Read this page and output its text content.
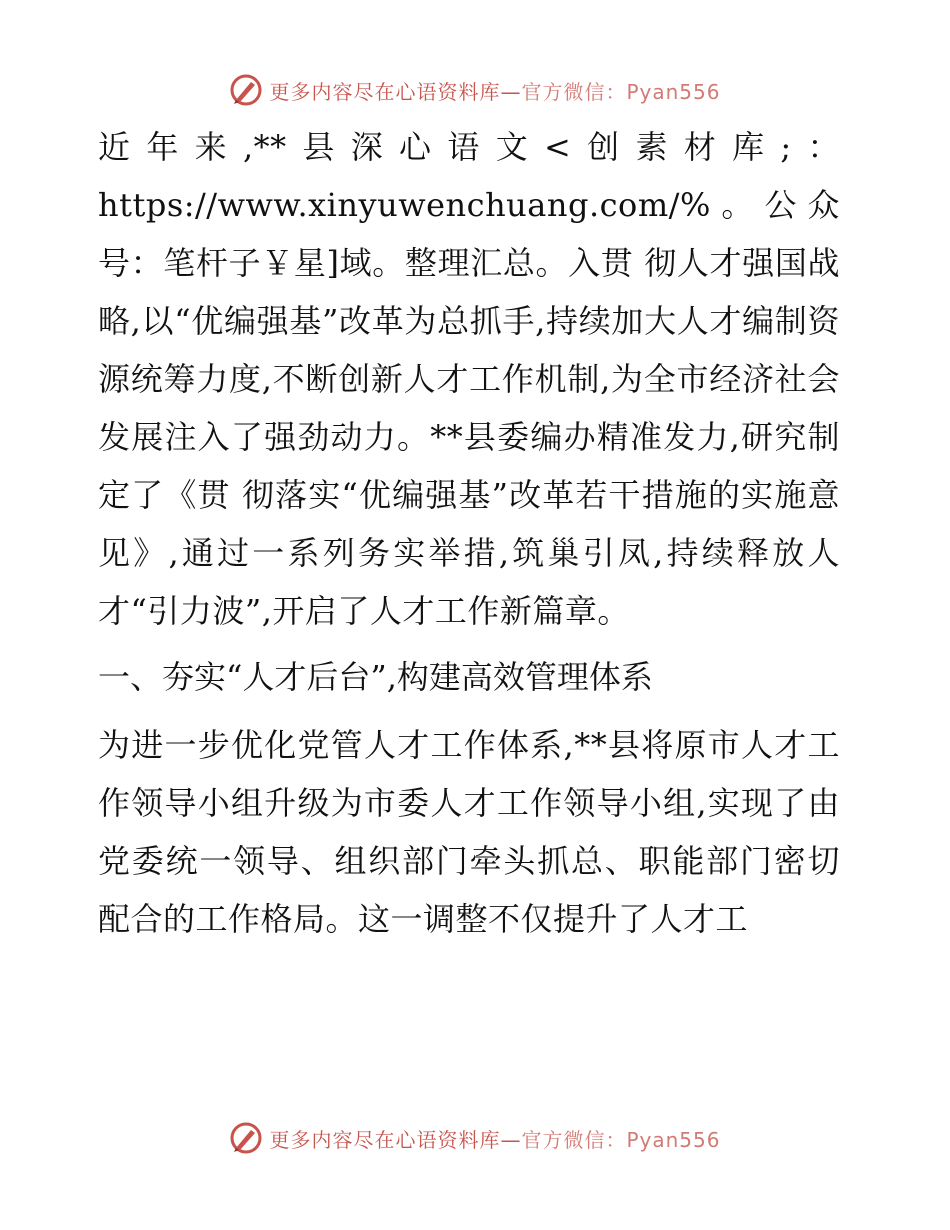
更多内容尽在心语资料库—官方微信：Pyan556

近年来,**县深心语文<创素材库;：https://www.xinyuwenchuang.com/%。公众号：笔杆子￥星]域。整理汇总。入贯 彻人才强国战略,以“优编强基”改革为总抓手,持续加大人才编制资源统筹力度,不断创新人才工作机制,为全市经济社会发展注入了强劲动力。**县委编办精准发力,研究制定了《贯 彻落实“优编强基”改革若干措施的实施意见》,通过一系列务实举措,筑巢引凤,持续释放人才“引力波”,开启了人才工作新篇章。

一、夯实“人才后台”,构建高效管理体系

为进一步优化党管人才工作体系,**县将原市人才工作领导小组升级为市委人才工作领导小组,实现了由党委统一领导、组织部门牵头抓总、职能部门密切配合的工作格局。这一调整不仅提升了人才工

更多内容尽在心语资料库—官方微信：Pyan556
